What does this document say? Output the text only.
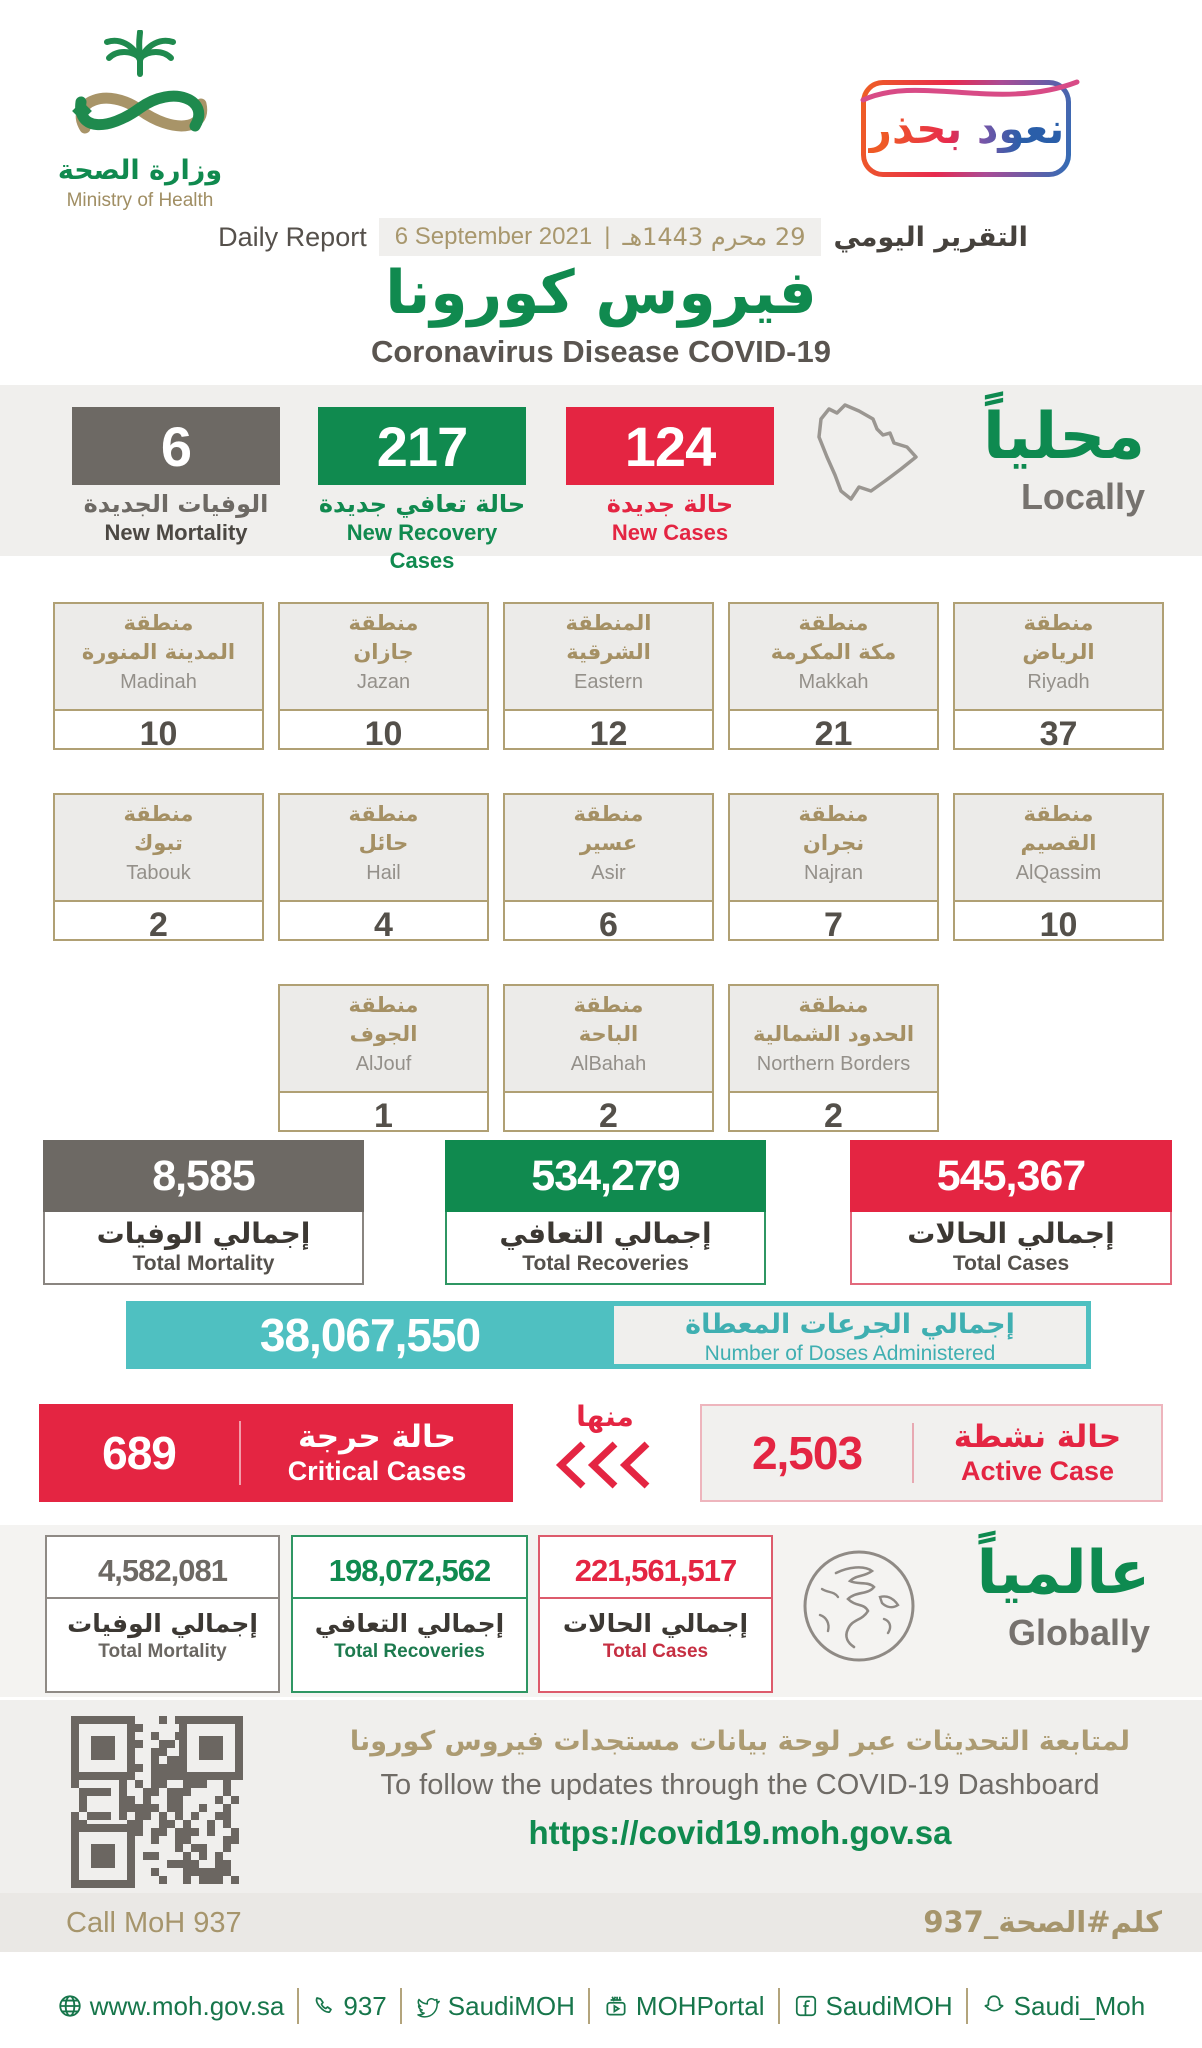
وزارة الصحة
Ministry of Health
نعود بحذر
Daily Report 6 September 2021 | 29 محرم 1443هـ التقرير اليومي
فيروس كورونا
Coronavirus Disease COVID-19
6
الوفيات الجديدة
New Mortality
217
حالة تعافي جديدة
New Recovery Cases
124
حالة جديدة
New Cases
محلياً
Locally
منطقة
المدينة المنورة
Madinah
10
منطقة
جازان
Jazan
10
المنطقة
الشرقية
Eastern
12
منطقة
مكة المكرمة
Makkah
21
منطقة
الرياض
Riyadh
37
منطقة
تبوك
Tabouk
2
منطقة
حائل
Hail
4
منطقة
عسير
Asir
6
منطقة
نجران
Najran
7
منطقة
القصيم
AlQassim
10
منطقة
الجوف
AlJouf
1
منطقة
الباحة
AlBahah
2
منطقة
الحدود الشمالية
Northern Borders
2
8,585
إجمالي الوفيات
Total Mortality
534,279
إجمالي التعافي
Total Recoveries
545,367
إجمالي الحالات
Total Cases
38,067,550	إجمالي الجرعات المعطاة
Number of Doses Administered
689	حالة حرجة
Critical Cases
منها
2,503	حالة نشطة
Active Case
4,582,081
إجمالي الوفيات
Total Mortality
198,072,562
إجمالي التعافي
Total Recoveries
221,561,517
إجمالي الحالات
Total Cases
عالمياً
Globally
لمتابعة التحديثات عبر لوحة بيانات مستجدات فيروس كورونا
To follow the updates through the COVID-19 Dashboard
https://covid19.moh.gov.sa
Call MoH 937	كلم#الصحة_937
www.moh.gov.sa 937 SaudiMOH MOHPortal SaudiMOH Saudi_Moh
